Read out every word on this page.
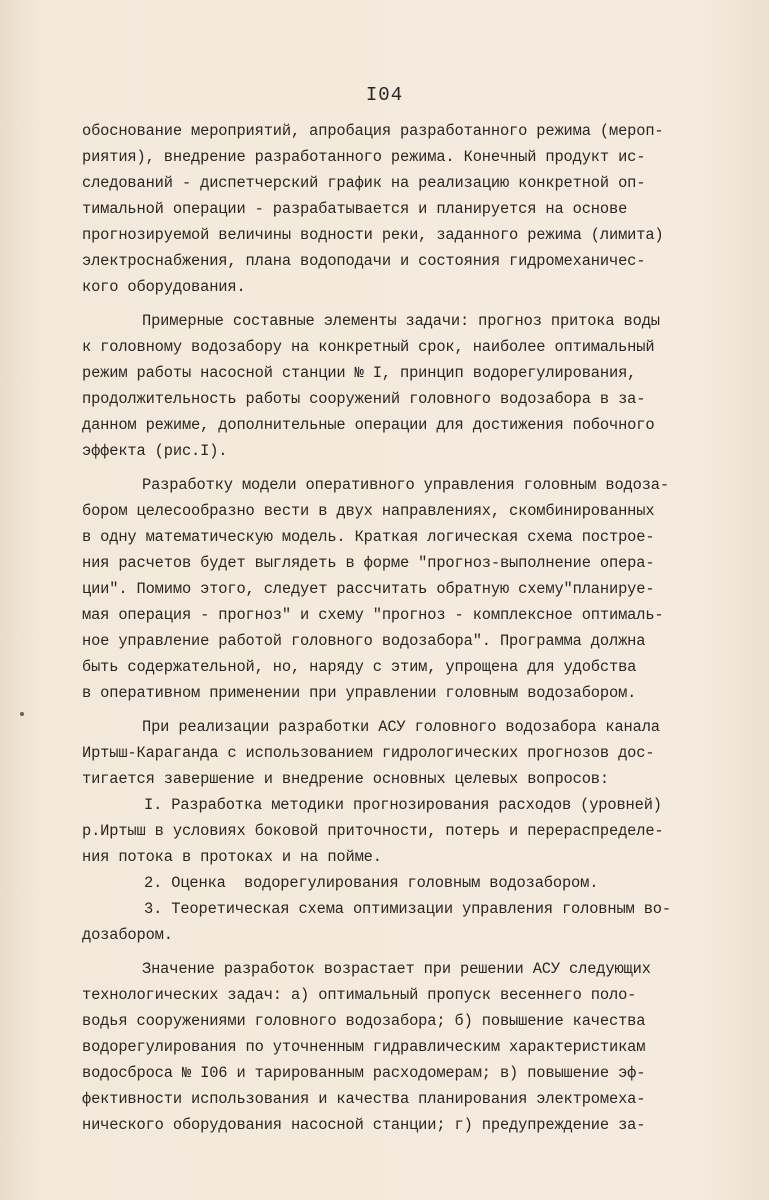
I04
обоснование мероприятий, апробация разработанного режима (мероп-
риятия), внедрение разработанного режима. Конечный продукт ис-
следований - диспетчерский график на реализацию конкретной оп-
тимальной операции - разрабатывается и планируется на основе
прогнозируемой величины водности реки, заданного режима (лимита)
электроснабжения, плана водоподачи и состояния гидромеханичес-
кого оборудования.
Примерные составные элементы задачи: прогноз притока воды
к головному водозабору на конкретный срок, наиболее оптимальный
режим работы насосной станции № I, принцип водорегулирования,
продолжительность работы сооружений головного водозабора в за-
данном режиме, дополнительные операции для достижения побочного
эффекта (рис.I).
Разработку модели оперативного управления головным водоза-
бором целесообразно вести в двух направлениях, скомбинированных
в одну математическую модель. Краткая логическая схема построе-
ния расчетов будет выглядеть в форме "прогноз-выполнение опера-
ции". Помимо этого, следует рассчитать обратную схему"планируе-
мая операция - прогноз" и схему "прогноз - комплексное оптималь-
ное управление работой головного водозабора". Программа должна
быть содержательной, но, наряду с этим, упрощена для удобства
в оперативном применении при управлении головным водозабором.
При реализации разработки АСУ головного водозабора канала
Иртыш-Караганда с использованием гидрологических прогнозов дос-
тигается завершение и внедрение основных целевых вопросов:
I. Разработка методики прогнозирования расходов (уровней)
р.Иртыш в условиях боковой приточности, потерь и перераспределе-
ния потока в протоках и на пойме.
2. Оценка  водорегулирования головным водозабором.
3. Теоретическая схема оптимизации управления головным во-
дозабором.
Значение разработок возрастает при решении АСУ следующих
технологических задач: а) оптимальный пропуск весеннего поло-
водья сооружениями головного водозабора; б) повышение качества
водорегулирования по уточненным гидравлическим характеристикам
водосброса № I06 и тарированным расходомерам; в) повышение эф-
фективности использования и качества планирования электромеха-
нического оборудования насосной станции; г) предупреждение за-
